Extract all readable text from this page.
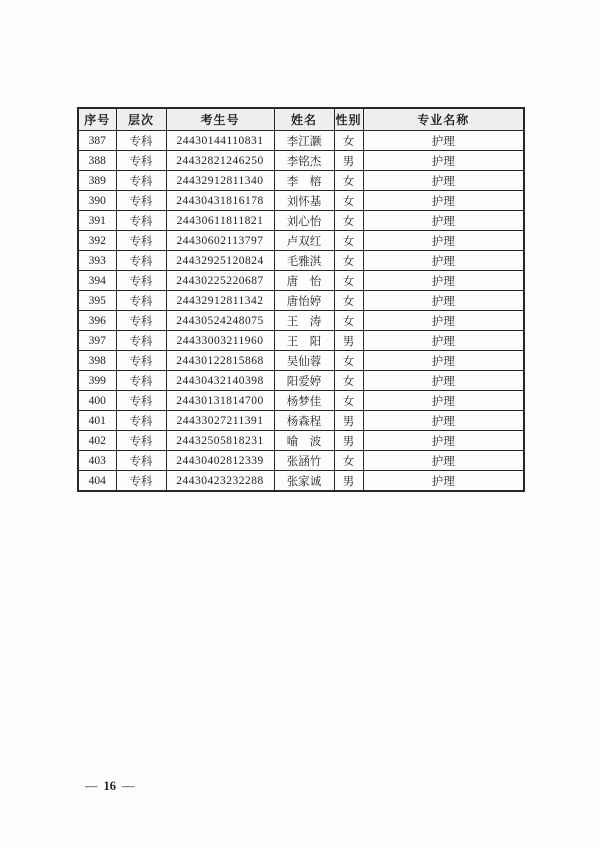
序号	层次	考生号	姓名	性别	专业名称
387	专科	24430144110831	李江灏	女	护理
388	专科	24432821246250	李铭杰	男	护理
389	专科	24432912811340	李　榕	女	护理
390	专科	24430431816178	刘怀基	女	护理
391	专科	24430611811821	刘心怡	女	护理
392	专科	24430602113797	卢双红	女	护理
393	专科	24432925120824	毛雅淇	女	护理
394	专科	24430225220687	唐　怡	女	护理
395	专科	24432912811342	唐怡婷	女	护理
396	专科	24430524248075	王　涛	女	护理
397	专科	24433003211960	王　阳	男	护理
398	专科	24430122815868	吴仙蓉	女	护理
399	专科	24430432140398	阳爱婷	女	护理
400	专科	24430131814700	杨梦佳	女	护理
401	专科	24433027211391	杨森程	男	护理
402	专科	24432505818231	喻　波	男	护理
403	专科	24430402812339	张涵竹	女	护理
404	专科	24430423232288	张家诚	男	护理
— 16 —
